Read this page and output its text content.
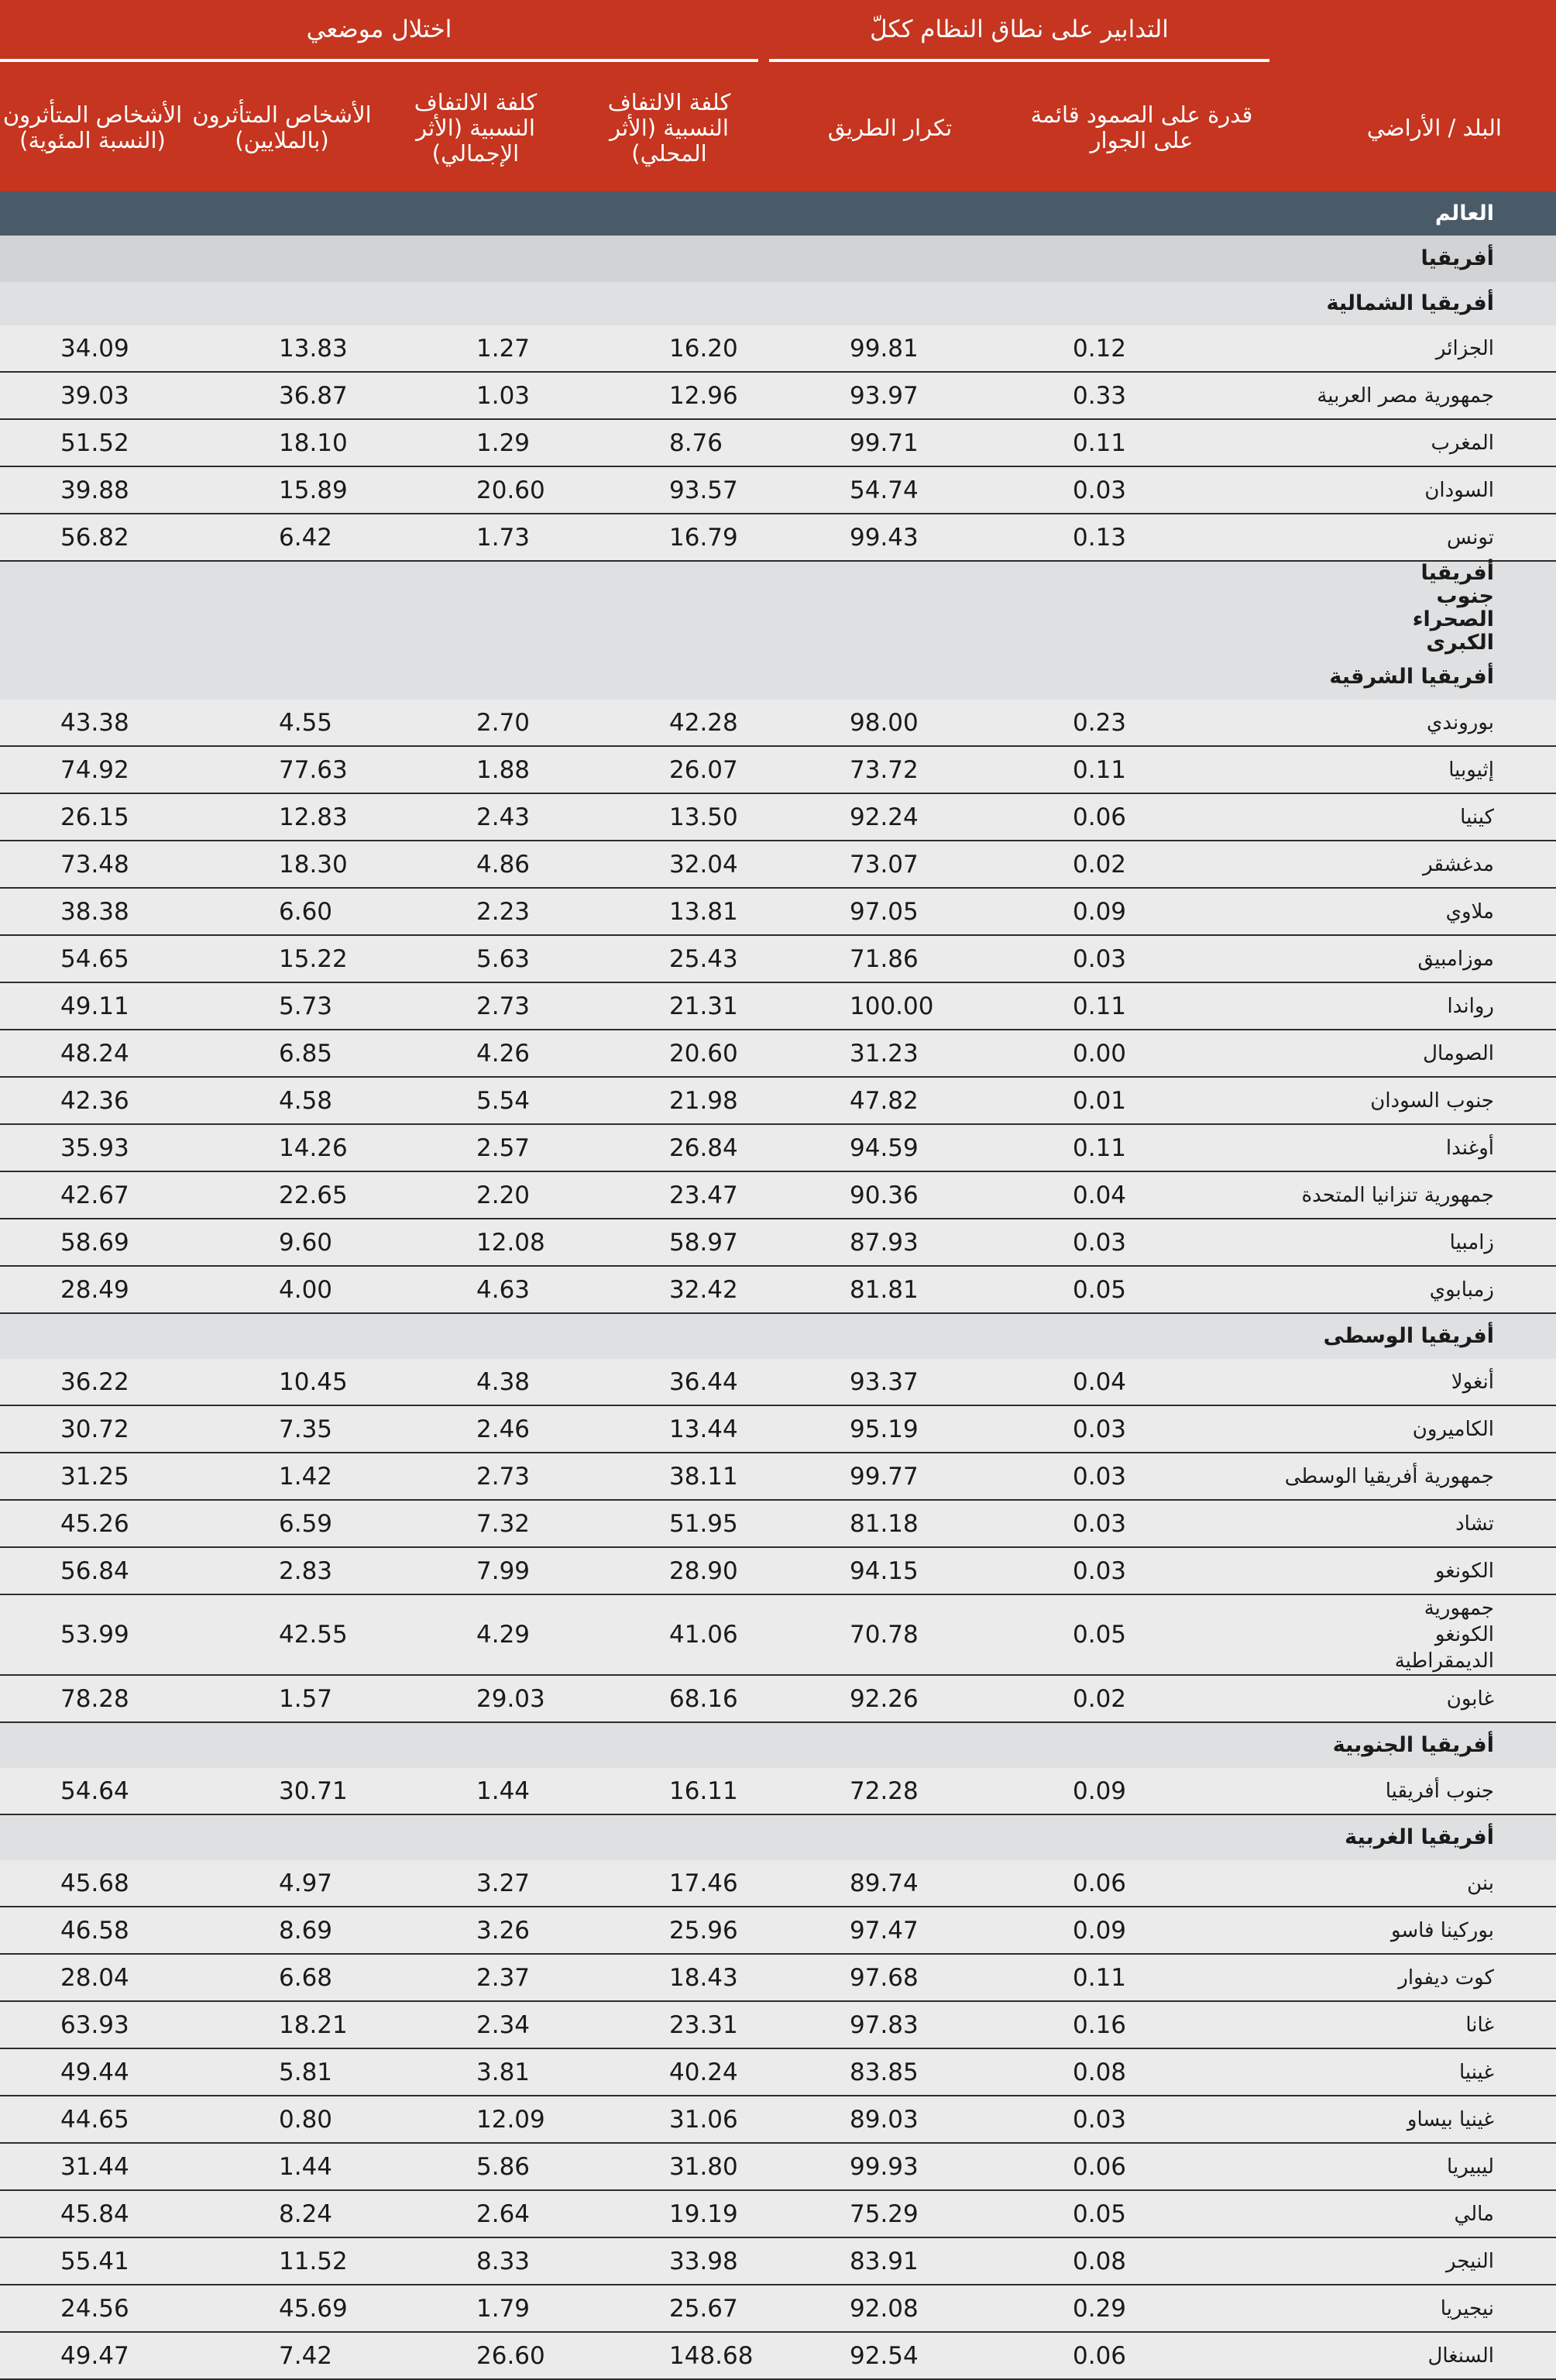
التدابير على نطاق النظام ككلّ
اختلال موضعي
البلد / الأراضي
قدرة على الصمود قائمة
على الجوار
تكرار الطريق
كلفة الالتفاف
النسبية (الأثر
المحلي)
كلفة الالتفاف
النسبية (الأثر
الإجمالي)
الأشخاص المتأثرون
(بالملايين)
الأشخاص المتأثرون
(النسبة المئوية)
العالم						
أفريقيا						
أفريقيا الشمالية						
الجزائر	0.12	99.81	16.20	1.27	13.83	34.09
جمهورية مصر العربية	0.33	93.97	12.96	1.03	36.87	39.03
المغرب	0.11	99.71	8.76	1.29	18.10	51.52
السودان	0.03	54.74	93.57	20.60	15.89	39.88
تونس	0.13	99.43	16.79	1.73	6.42	56.82
أفريقيا جنوب الصحراء الكبرى						
أفريقيا الشرقية						
بوروندي	0.23	98.00	42.28	2.70	4.55	43.38
إثيوبيا	0.11	73.72	26.07	1.88	77.63	74.92
كينيا	0.06	92.24	13.50	2.43	12.83	26.15
مدغشقر	0.02	73.07	32.04	4.86	18.30	73.48
ملاوي	0.09	97.05	13.81	2.23	6.60	38.38
موزامبيق	0.03	71.86	25.43	5.63	15.22	54.65
رواندا	0.11	100.00	21.31	2.73	5.73	49.11
الصومال	0.00	31.23	20.60	4.26	6.85	48.24
جنوب السودان	0.01	47.82	21.98	5.54	4.58	42.36
أوغندا	0.11	94.59	26.84	2.57	14.26	35.93
جمهورية تنزانيا المتحدة	0.04	90.36	23.47	2.20	22.65	42.67
زامبيا	0.03	87.93	58.97	12.08	9.60	58.69
زمبابوي	0.05	81.81	32.42	4.63	4.00	28.49
أفريقيا الوسطى						
أنغولا	0.04	93.37	36.44	4.38	10.45	36.22
الكاميرون	0.03	95.19	13.44	2.46	7.35	30.72
جمهورية أفريقيا الوسطى	0.03	99.77	38.11	2.73	1.42	31.25
تشاد	0.03	81.18	51.95	7.32	6.59	45.26
الكونغو	0.03	94.15	28.90	7.99	2.83	56.84
جمهورية الكونغو الديمقراطية	0.05	70.78	41.06	4.29	42.55	53.99
غابون	0.02	92.26	68.16	29.03	1.57	78.28
أفريقيا الجنوبية						
جنوب أفريقيا	0.09	72.28	16.11	1.44	30.71	54.64
أفريقيا الغربية						
بنن	0.06	89.74	17.46	3.27	4.97	45.68
بوركينا فاسو	0.09	97.47	25.96	3.26	8.69	46.58
كوت ديفوار	0.11	97.68	18.43	2.37	6.68	28.04
غانا	0.16	97.83	23.31	2.34	18.21	63.93
غينيا	0.08	83.85	40.24	3.81	5.81	49.44
غينيا بيساو	0.03	89.03	31.06	12.09	0.80	44.65
ليبيريا	0.06	99.93	31.80	5.86	1.44	31.44
مالي	0.05	75.29	19.19	2.64	8.24	45.84
النيجر	0.08	83.91	33.98	8.33	11.52	55.41
نيجيريا	0.29	92.08	25.67	1.79	45.69	24.56
السنغال	0.06	92.54	148.68	26.60	7.42	49.47
